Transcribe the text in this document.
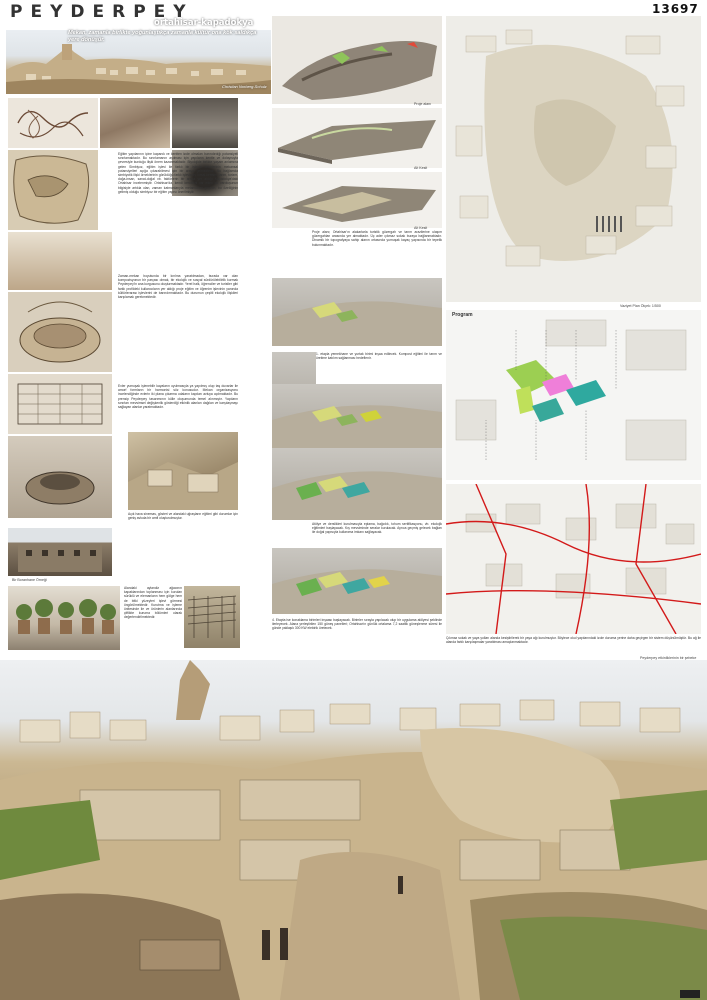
PEYDERPEY
ortahisar-kapadokya
Mekan, zamanla birlikte yoğunlaştıkça zamanla kültür ona kök saldıkça yere dönüşür.
Christian Norberg-Schulz
13697
Eğitim yapılarının içine kapanık ve kentten izole olmaları barındırdığı potansiyeli sınırlamaktadır. Bu sınırlamanın aşılması için yapıların kentle ve dolayısıyla çevresiyle kurduğu ilişki önem kazanmaktadır. Biyolojide birlikte yaşam anlamına gelen Simbiyoz, eğitim işlevi ile farklı bir işlevin birbirlerinin mekansal potansiyelleri açığa çıkarabilmesi için bir araya gelmektedir. Bu bağlamda simbiyotik ilişki örneklerinin görüldüğü farklı işlevlerin, kırsal-kentsel, tarım, turizm, doğa-insan, sanat-doğal vb. faktörlerin bir arada yer aldığı Kapadokya'daki Ortahisar incelenmiştir. Ortahisar'da, kendi kendisini var eden bu varoluşunun bilgisiyle artıkla olan, zaman katmanlarıyla metamorfoz geçiren, bu özelliğinin gelimiş olduğu simbiyoz bir eğitim yapısı önerilmiştir.
Zaman-mekan boyutunda bir kırılma yaratılmadan, burada var olan kompozisyonun bir parçası olmak, bir ekolojik ve sosyal sürdürülebilirlik kurmak Peyderpey'in ana kurgusunu oluşturmaktadır. Yerel halk, öğrenciler ve turistler gibi farklı profildeki kullanıcıların yer aldığı proje eğitim ve öğrenim işlevinin yanında kültürlerarası işlevlerini de barındırmaktadır. Bu durumun çeşitli ekolojik ilişkileri karşılamak gerekmektedir.
Evler yumuşak işlenebilir kayaların oyulmasıyla ya yapılmış olup taş duvarlar ile amorf formların bir harmonisi söz konusudur. Mekan organizasyonu incelendiğinde evlerin iki plana çıkarma odaların kapıları avluya açılmaktadır. Bu prensip Peyderpey tasarımının külle oluşumunda temel alınmıştır. Yapıların sınırları mevsimsel değişkenlik gösterdiği etkinlik alanları dağılan ve karşılaşmayı sağlayan alanlar yaratmaktadır.
Açık hava sinemas, gösteri ve alandaki uğraşların eğitimi gibi durumlar için geniş avluda bir amfi oluşturulmuştur.
Bir Boranhane Örneği
Alandaki aylandiz ağacının kapaklarından toplanması için kurulan sürüklü ve elemanların hem gölge hem de bitki yüzeyleri işlevi görmesi öngörülmektedir. Kurutma ve işleme ünitesinde ile ve ürünlerin alanlarında çiftlikte kuruma bölümleri olarak değerlendirilmektedir.
Proje alanı
Alt Kesit
Alt Kesit
Proje alanı; Ortahisar'ın alakarlarla turistik güzergah ve tarım arazilerine ulaşım güzergahları arasında yer almaktadır. Üç ader çıkmaz sokak buraya bağlanmaktadır. Dinamik bir topografyaya sahip alanın ortasında yumuşak kayaç yapısında bir tepelik bulunmaktadır.
1. etapla yemekhane ve yurtak birimi inşaa edilecek. Kompost eğitimi ile tarım ve üretime katılım sağlanması hedeflenir.
Atölye ve derslikleri kurulmasıyla eplama, bağcılık, tohum sertifikasyonu, vb. ekolojik eğitimleri başlayacak. Kış mevsiminde seralar kurulacak. Ayrıca geçmiş gelecek bağları ile doğal yapısıyla kullanıma imkanı sağlayacak.
4. Etapta ise konaklama birimleri inşaası başlayacak. Birimler sırayla yapılacak olup bir uygulama atölyesi şeklinde ilerleyecek. Alana yerleştirilen 150 güneş panelleri; Ortahisar'ın günlük ortalama 7,2 saatlik güneşlenme süresi ile günde yaklaşık 300 KW elektrik üretecek.
Vaziyet Plan Ölçek: 1/500
Program
Çıkmaz sokak ve yaya yolları alanda kesiştirilerek bir yaya ağı kurulmuştur. Böylece okul yapılarındaki izole duruma yerine daha geçirgen bir sistem düşünülmüştür. Bu ağ ile alanda farklı karşılaşmalar yaratılması amaçlanmaktadır.
Peyderpey etkinliklerinin bir şebeke
